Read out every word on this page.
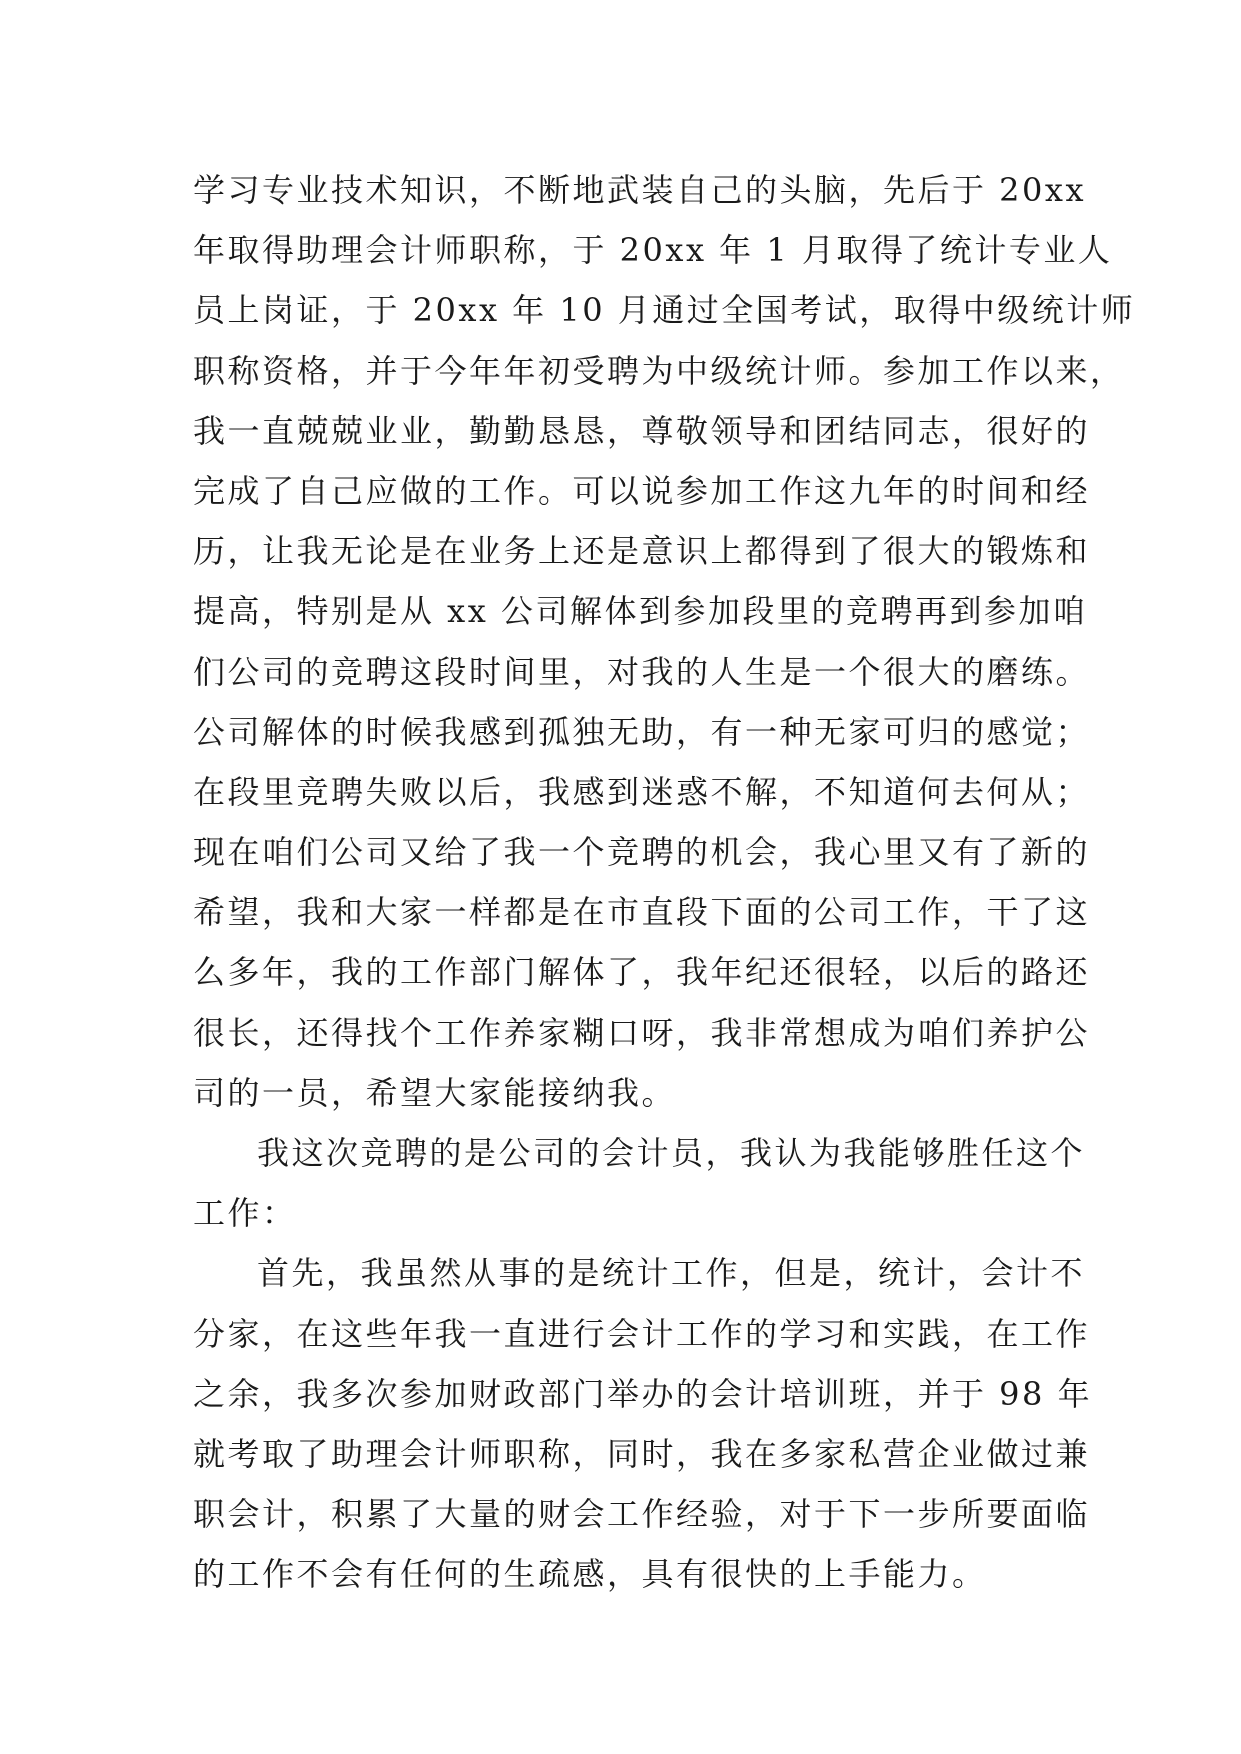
学习专业技术知识，不断地武装自己的头脑，先后于 20xx
年取得助理会计师职称，于 20xx 年 1 月取得了统计专业人
员上岗证，于 20xx 年 10 月通过全国考试，取得中级统计师
职称资格，并于今年年初受聘为中级统计师。参加工作以来，
我一直兢兢业业，勤勤恳恳，尊敬领导和团结同志，很好的
完成了自己应做的工作。可以说参加工作这九年的时间和经
历，让我无论是在业务上还是意识上都得到了很大的锻炼和
提高，特别是从 xx 公司解体到参加段里的竞聘再到参加咱
们公司的竞聘这段时间里，对我的人生是一个很大的磨练。
公司解体的时候我感到孤独无助，有一种无家可归的感觉；
在段里竞聘失败以后，我感到迷惑不解，不知道何去何从；
现在咱们公司又给了我一个竞聘的机会，我心里又有了新的
希望，我和大家一样都是在市直段下面的公司工作，干了这
么多年，我的工作部门解体了，我年纪还很轻，以后的路还
很长，还得找个工作养家糊口呀，我非常想成为咱们养护公
司的一员，希望大家能接纳我。
我这次竞聘的是公司的会计员，我认为我能够胜任这个
工作：
首先，我虽然从事的是统计工作，但是，统计，会计不
分家，在这些年我一直进行会计工作的学习和实践，在工作
之余，我多次参加财政部门举办的会计培训班，并于 98 年
就考取了助理会计师职称，同时，我在多家私营企业做过兼
职会计，积累了大量的财会工作经验，对于下一步所要面临
的工作不会有任何的生疏感，具有很快的上手能力。
